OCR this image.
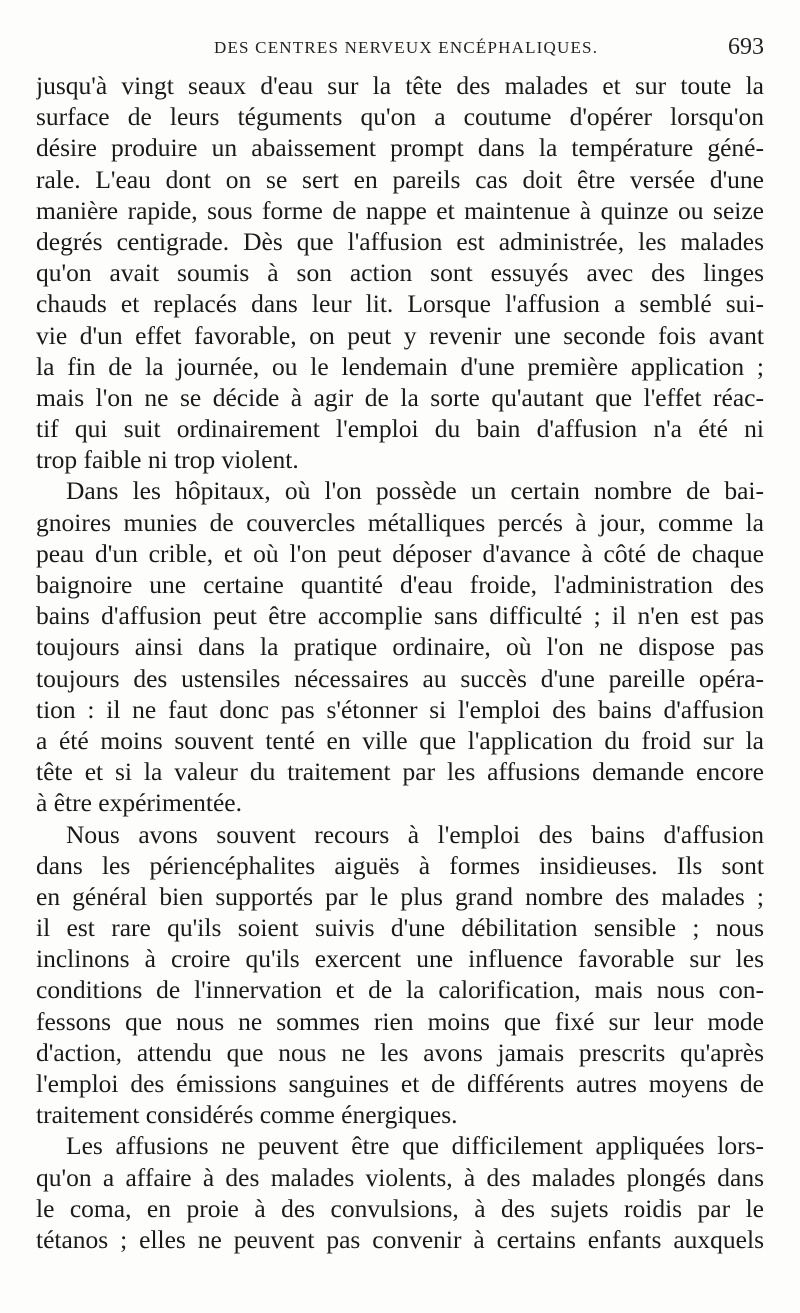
DES CENTRES NERVEUX ENCÉPHALIQUES.	693
jusqu'à vingt seaux d'eau sur la tête des malades et sur toute la
surface de leurs téguments qu'on a coutume d'opérer lorsqu'on
désire produire un abaissement prompt dans la température géné-
rale. L'eau dont on se sert en pareils cas doit être versée d'une
manière rapide, sous forme de nappe et maintenue à quinze ou seize
degrés centigrade. Dès que l'affusion est administrée, les malades
qu'on avait soumis à son action sont essuyés avec des linges
chauds et replacés dans leur lit. Lorsque l'affusion a semblé sui-
vie d'un effet favorable, on peut y revenir une seconde fois avant
la fin de la journée, ou le lendemain d'une première application ;
mais l'on ne se décide à agir de la sorte qu'autant que l'effet réac-
tif qui suit ordinairement l'emploi du bain d'affusion n'a été ni
trop faible ni trop violent.
Dans les hôpitaux, où l'on possède un certain nombre de bai-
gnoires munies de couvercles métalliques percés à jour, comme la
peau d'un crible, et où l'on peut déposer d'avance à côté de chaque
baignoire une certaine quantité d'eau froide, l'administration des
bains d'affusion peut être accomplie sans difficulté ; il n'en est pas
toujours ainsi dans la pratique ordinaire, où l'on ne dispose pas
toujours des ustensiles nécessaires au succès d'une pareille opéra-
tion : il ne faut donc pas s'étonner si l'emploi des bains d'affusion
a été moins souvent tenté en ville que l'application du froid sur la
tête et si la valeur du traitement par les affusions demande encore
à être expérimentée.
Nous avons souvent recours à l'emploi des bains d'affusion
dans les périencéphalites aiguës à formes insidieuses. Ils sont
en général bien supportés par le plus grand nombre des malades ;
il est rare qu'ils soient suivis d'une débilitation sensible ; nous
inclinons à croire qu'ils exercent une influence favorable sur les
conditions de l'innervation et de la calorification, mais nous con-
fessons que nous ne sommes rien moins que fixé sur leur mode
d'action, attendu que nous ne les avons jamais prescrits qu'après
l'emploi des émissions sanguines et de différents autres moyens de
traitement considérés comme énergiques.
Les affusions ne peuvent être que difficilement appliquées lors-
qu'on a affaire à des malades violents, à des malades plongés dans
le coma, en proie à des convulsions, à des sujets roidis par le
tétanos ; elles ne peuvent pas convenir à certains enfants auxquels
